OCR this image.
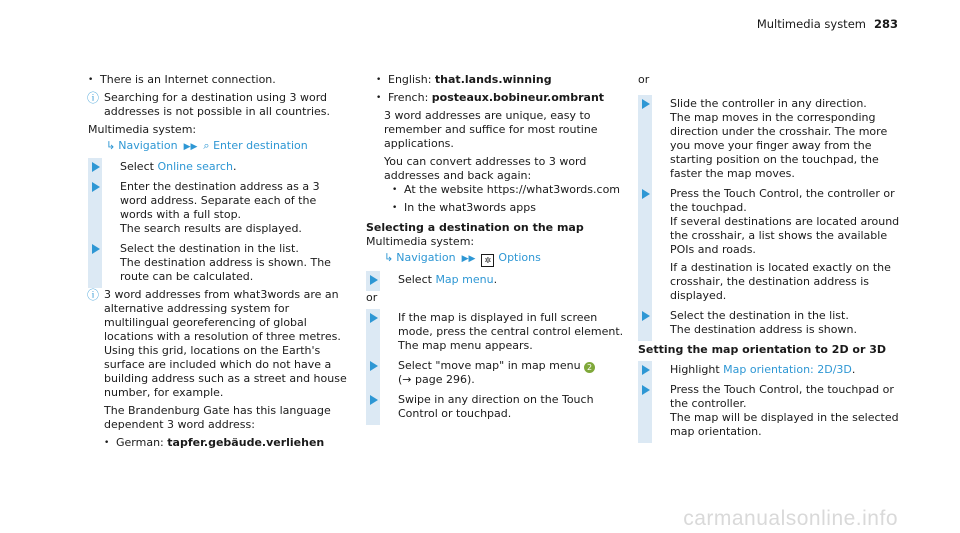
Multimedia system 283
• There is an Internet connection.
ⓘ Searching for a destination using 3 word addresses is not possible in all countries.

Multimedia system:

↳ Navigation ▶▶ ⌕ Enter destination
Select Online search.

Enter the destination address as a 3 word address. Separate each of the words with a full stop.

The search results are displayed.

Select the destination in the list.

The destination address is shown. The route can be calculated.

ⓘ 3 word addresses from what3words are an alternative addressing system for multilingual georeferencing of global locations with a resolution of three metres. Using this grid, locations on the Earth's surface are included which do not have a building address such as a street and house number, for example.

The Brandenburg Gate has this language dependent 3 word address:

• German: tapfer.gebäude.verliehen
• English: that.lands.winning
• French: posteaux.bobineur.ombrant

3 word addresses are unique, easy to remember and suffice for most routine applications.

You can convert addresses to 3 word addresses and back again:

• At the website https://what3words.com
• In the what3words apps

Selecting a destination on the map

Multimedia system:

↳ Navigation ▶▶ ✲ Options
Select Map menu.

or

If the map is displayed in full screen mode, press the central control element.

The map menu appears.

Select "move map" in map menu 2

(→ page 296).

Swipe in any direction on the Touch Control or touchpad.

or

Slide the controller in any direction.

The map moves in the corresponding direction under the crosshair. The more you move your finger away from the starting position on the touchpad, the faster the map moves.

Press the Touch Control, the controller or the touchpad.

If several destinations are located around the crosshair, a list shows the available POIs and roads.

If a destination is located exactly on the crosshair, the destination address is displayed.

Select the destination in the list.

The destination address is shown.

Setting the map orientation to 2D or 3D

Highlight Map orientation: 2D/3D.

Press the Touch Control, the touchpad or the controller.

The map will be displayed in the selected map orientation.

carmanualsonline.info
